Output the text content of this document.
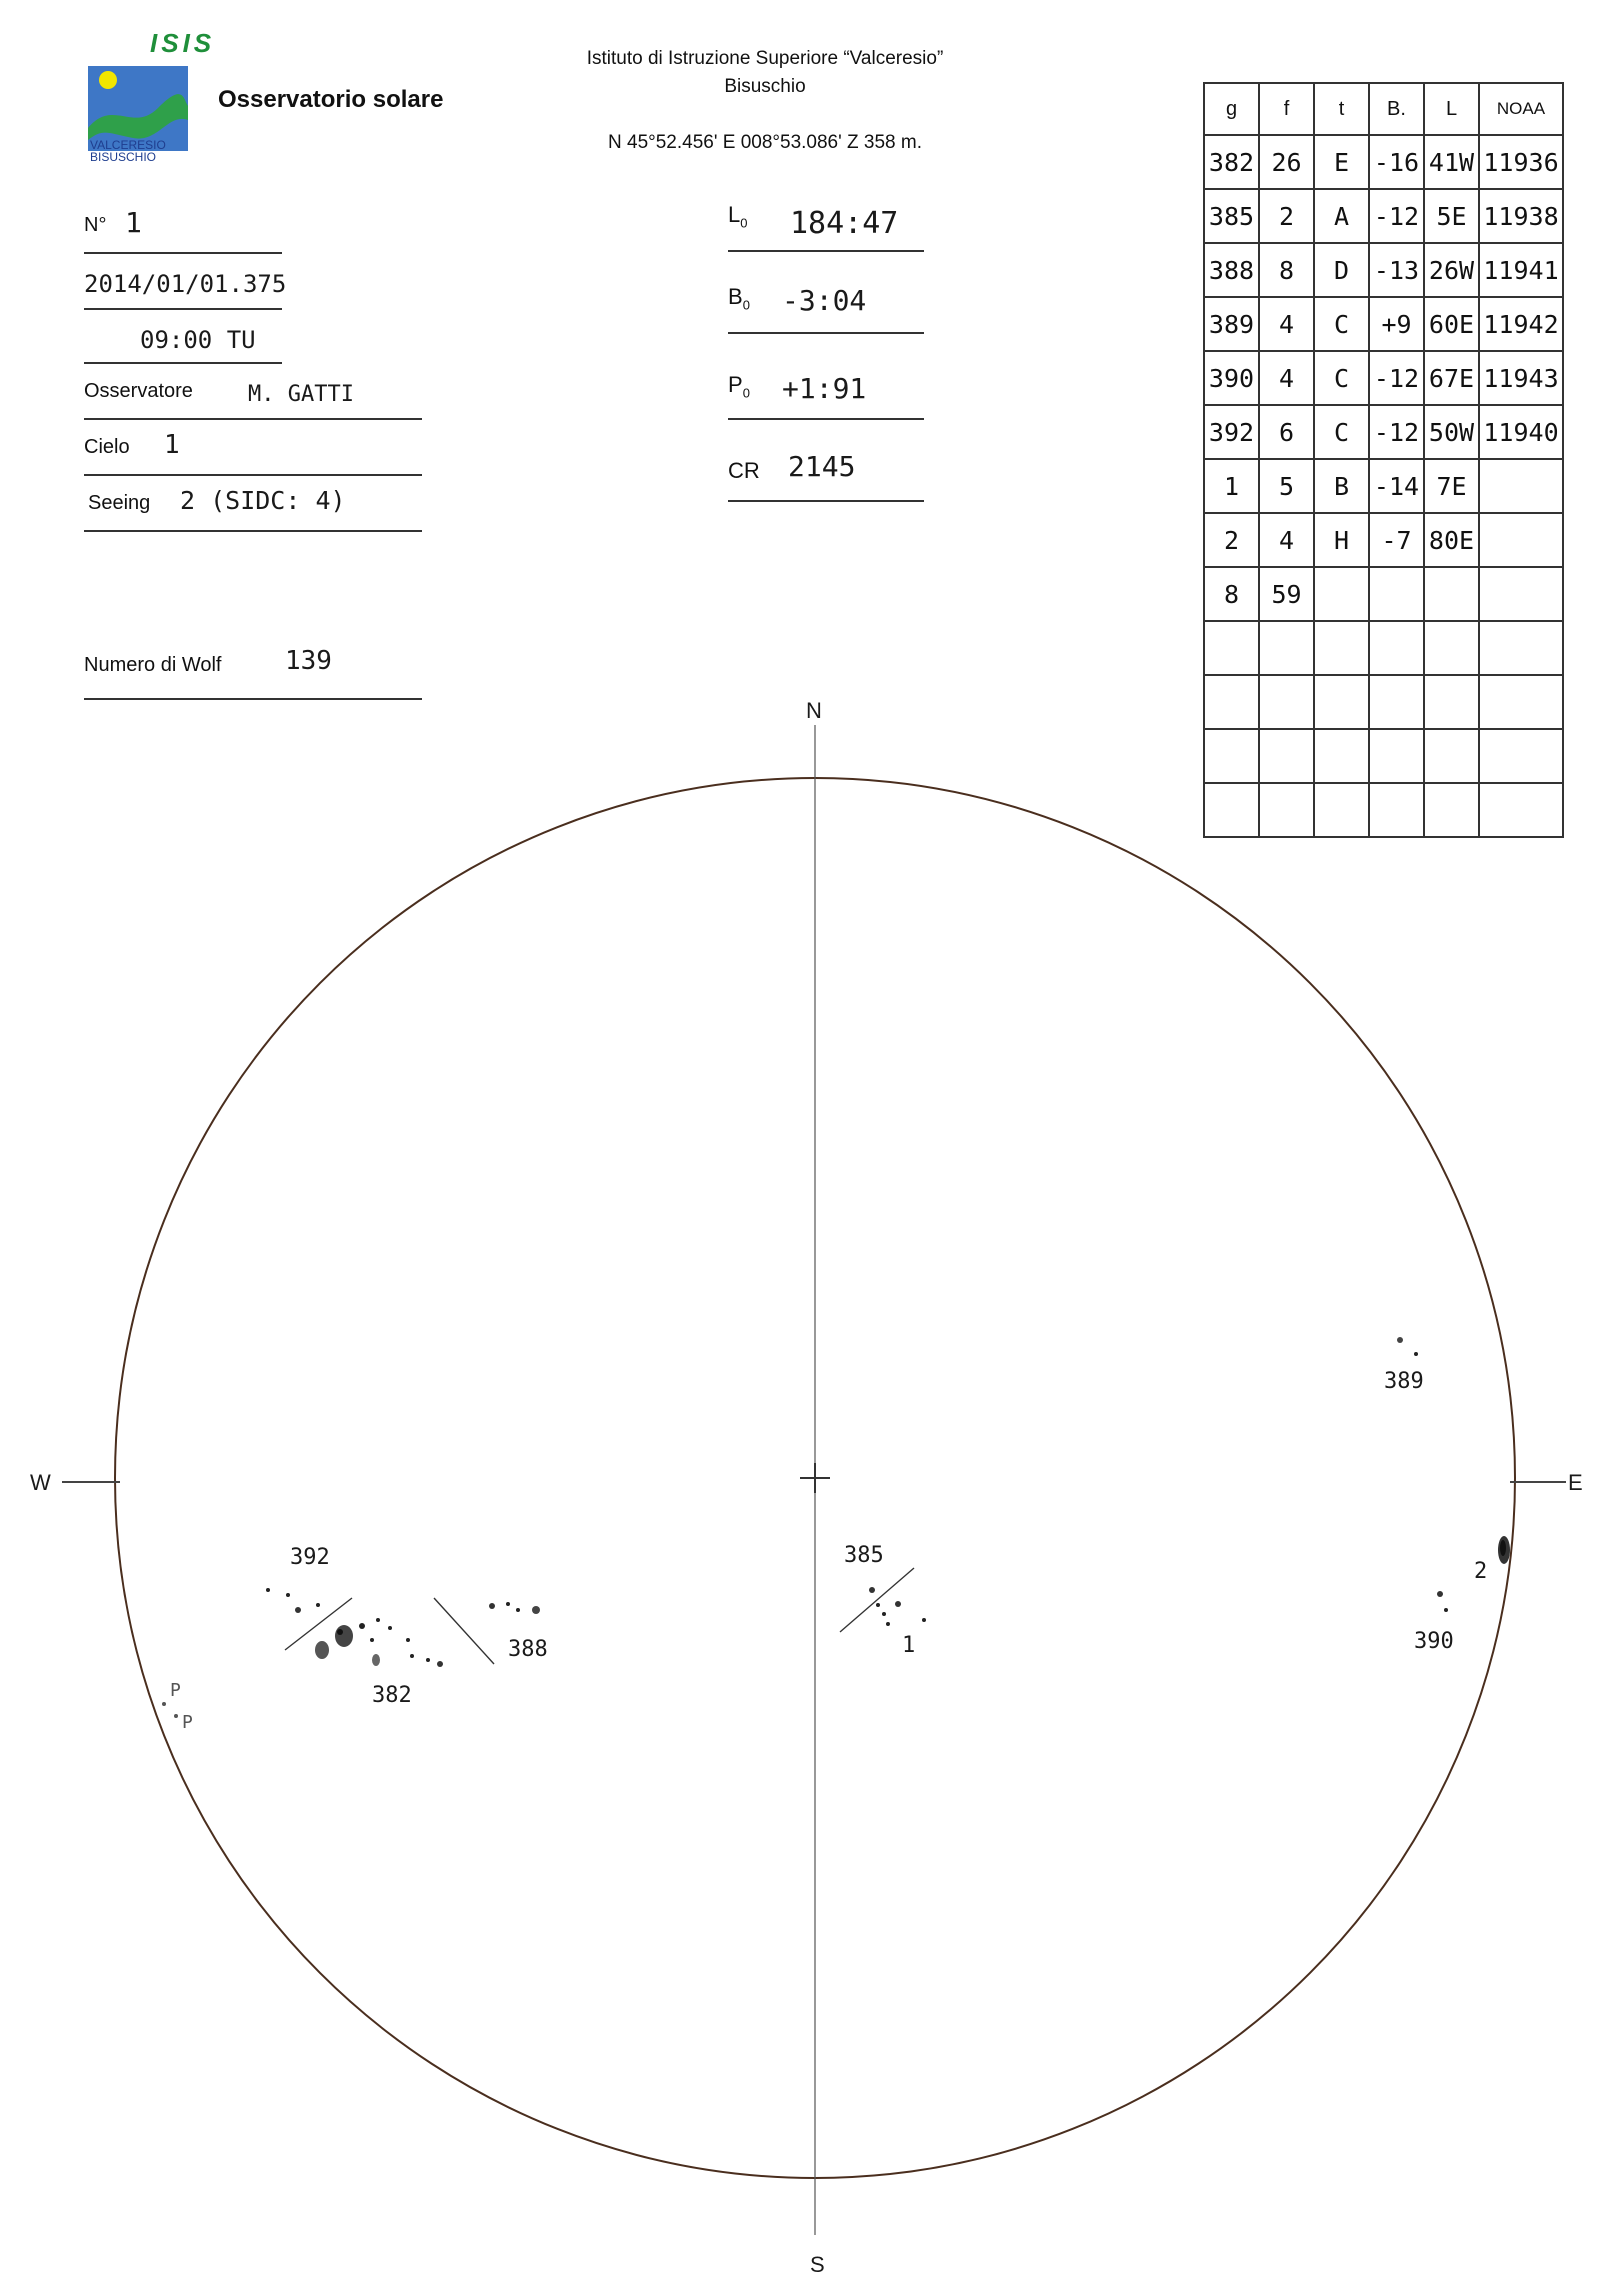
ISIS
VALCERESIO
BISUSCHIO
Osservatorio solare
Istituto di Istruzione Superiore “Valceresio”
Bisuschio
N 45°52.456' E 008°53.086' Z 358 m.
N° 1
2014/01/01.375
09:00 TU
Osservatore	M. GATTI
Cielo 1
Seeing 2 (SIDC: 4)
Numero di Wolf 139
$L_0$ 184:47
$B_0$ -3:04
$P_0$ +1:91
CR 2145
g	f	t	B.	L	NOAA
382	26	E	-16	41W	11936
385	2	A	-12	5E	11938
388	8	D	-13	26W	11941
389	4	C	+9	60E	11942
390	4	C	-12	67E	11943
392	6	C	-12	50W	11940
1	5	B	-14	7E	
2	4	H	-7	80E	
8	59				

N
S
W	E
392
382
388
385
1
389
390
2
P
P
